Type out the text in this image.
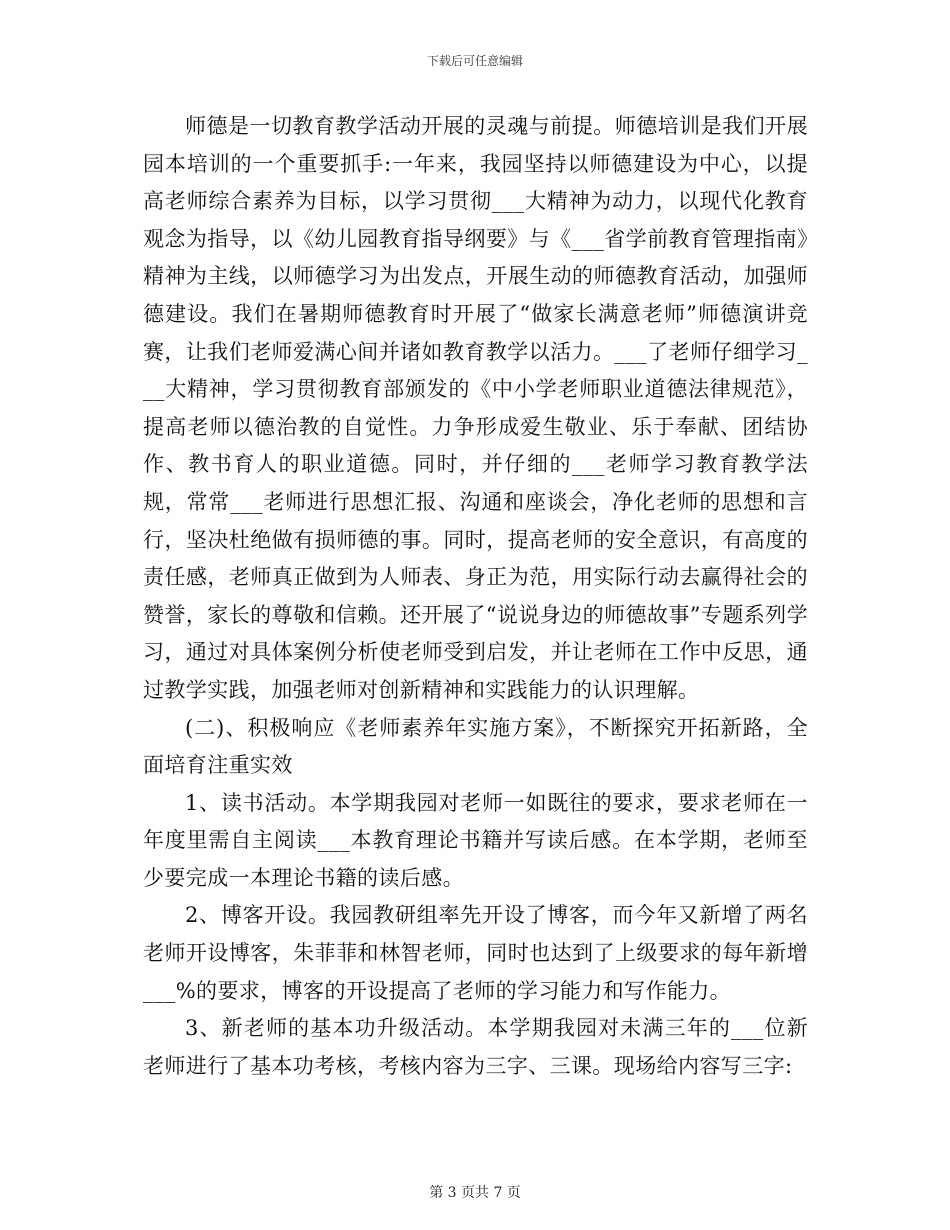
下载后可任意编辑

师德是一切教育教学活动开展的灵魂与前提。师德培训是我们开展园本培训的一个重要抓手:一年来，我园坚持以师德建设为中心，以提高老师综合素养为目标，以学习贯彻___大精神为动力，以现代化教育观念为指导，以《幼儿园教育指导纲要》与《___省学前教育管理指南》精神为主线，以师德学习为出发点，开展生动的师德教育活动，加强师德建设。我们在暑期师德教育时开展了“做家长满意老师”师德演讲竞赛，让我们老师爱满心间并诸如教育教学以活力。___了老师仔细学习___大精神，学习贯彻教育部颁发的《中小学老师职业道德法律规范》，提高老师以德治教的自觉性。力争形成爱生敬业、乐于奉献、团结协作、教书育人的职业道德。同时，并仔细的___老师学习教育教学法规，常常___老师进行思想汇报、沟通和座谈会，净化老师的思想和言行，坚决杜绝做有损师德的事。同时，提高老师的安全意识，有高度的责任感，老师真正做到为人师表、身正为范，用实际行动去赢得社会的赞誉，家长的尊敬和信赖。还开展了“说说身边的师德故事”专题系列学习，通过对具体案例分析使老师受到启发，并让老师在工作中反思，通过教学实践，加强老师对创新精神和实践能力的认识理解。

(二)、积极响应《老师素养年实施方案》，不断探究开拓新路，全面培育注重实效

1、读书活动。本学期我园对老师一如既往的要求，要求老师在一年度里需自主阅读___本教育理论书籍并写读后感。在本学期，老师至少要完成一本理论书籍的读后感。

2、博客开设。我园教研组率先开设了博客，而今年又新增了两名老师开设博客，朱菲菲和林智老师，同时也达到了上级要求的每年新增___%的要求，博客的开设提高了老师的学习能力和写作能力。

3、新老师的基本功升级活动。本学期我园对未满三年的___位新老师进行了基本功考核，考核内容为三字、三课。现场给内容写三字:

第 3 页共 7 页
